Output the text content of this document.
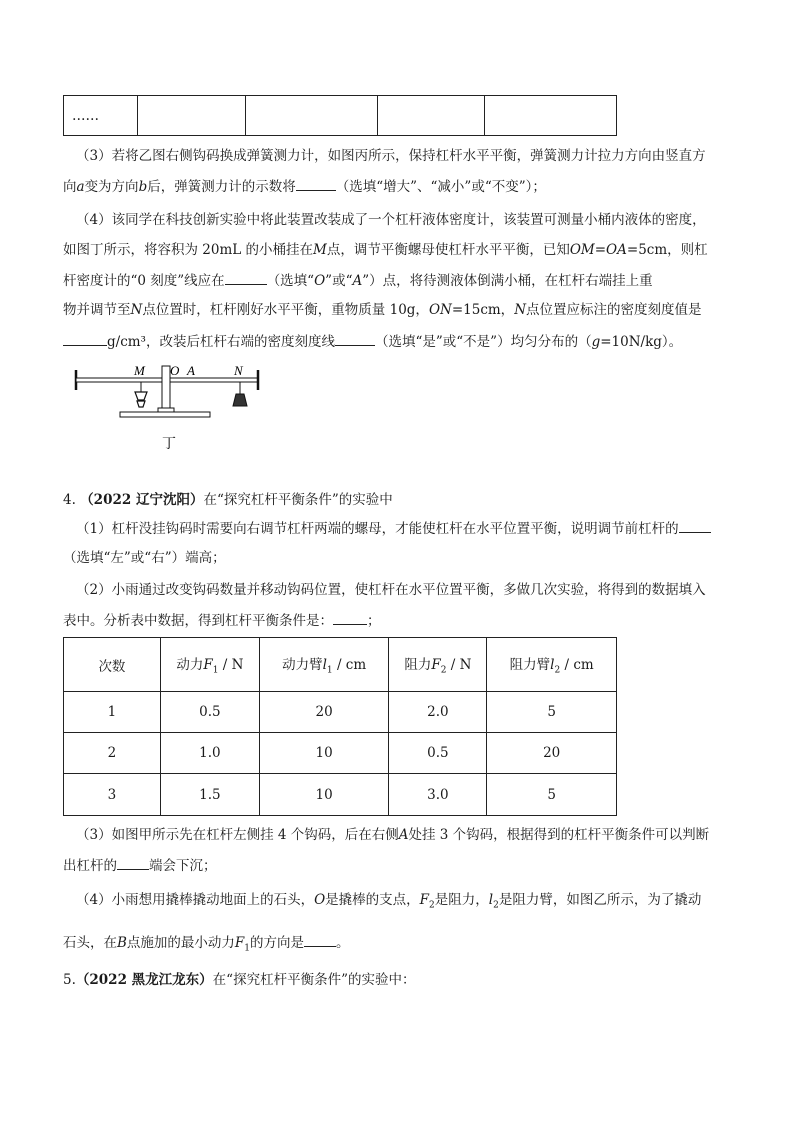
……				
（3）若将乙图右侧钩码换成弹簧测力计，如图丙所示，保持杠杆水平平衡，弹簧测力计拉力方向由竖直方
向a变为方向b后，弹簧测力计的示数将	（选填“增大”、“减小”或“不变”）；
（4）该同学在科技创新实验中将此装置改装成了一个杠杆液体密度计，该装置可测量小桶内液体的密度，
如图丁所示，将容积为 20mL 的小桶挂在M点，调节平衡螺母使杠杆水平平衡，已知OM=OA=5cm，则杠
杆密度计的“0 刻度”线应在	（选填“O”或“A”）点，将待测液体倒满小桶，在杠杆右端挂上重
物并调节至N点位置时，杠杆刚好水平平衡，重物质量 10g，ON=15cm，N点位置应标注的密度刻度值是
g/cm³，改装后杠杆右端的密度刻度线	（选填“是”或“不是”）均匀分布的（g=10N/kg）。
M O A	N
丁
4. （2022 辽宁沈阳）在“探究杠杆平衡条件”的实验中
（1）杠杆没挂钩码时需要向右调节杠杆两端的螺母，才能使杠杆在水平位置平衡，说明调节前杠杆的
（选填“左”或“右”）端高；
（2）小雨通过改变钩码数量并移动钩码位置，使杠杆在水平位置平衡，多做几次实验，将得到的数据填入
表中。分析表中数据，得到杠杆平衡条件是：	；
次数	动力$F_1$ / N	动力臂$l_1$ / cm	阻力$F_2$ / N	阻力臂$l_2$ / cm
1	0.5	20	2.0	5
2	1.0	10	0.5	20
3	1.5	10	3.0	5
（3）如图甲所示先在杠杆左侧挂 4 个钩码，后在右侧A处挂 3 个钩码，根据得到的杠杆平衡条件可以判断
出杠杆的 端会下沉；
（4）小雨想用撬棒撬动地面上的石头，O是撬棒的支点，$F_2$是阻力，$l_2$是阻力臂，如图乙所示，为了撬动
石头，在B点施加的最小动力$F_1$的方向是 。
5.（2022 黑龙江龙东）在“探究杠杆平衡条件”的实验中：
